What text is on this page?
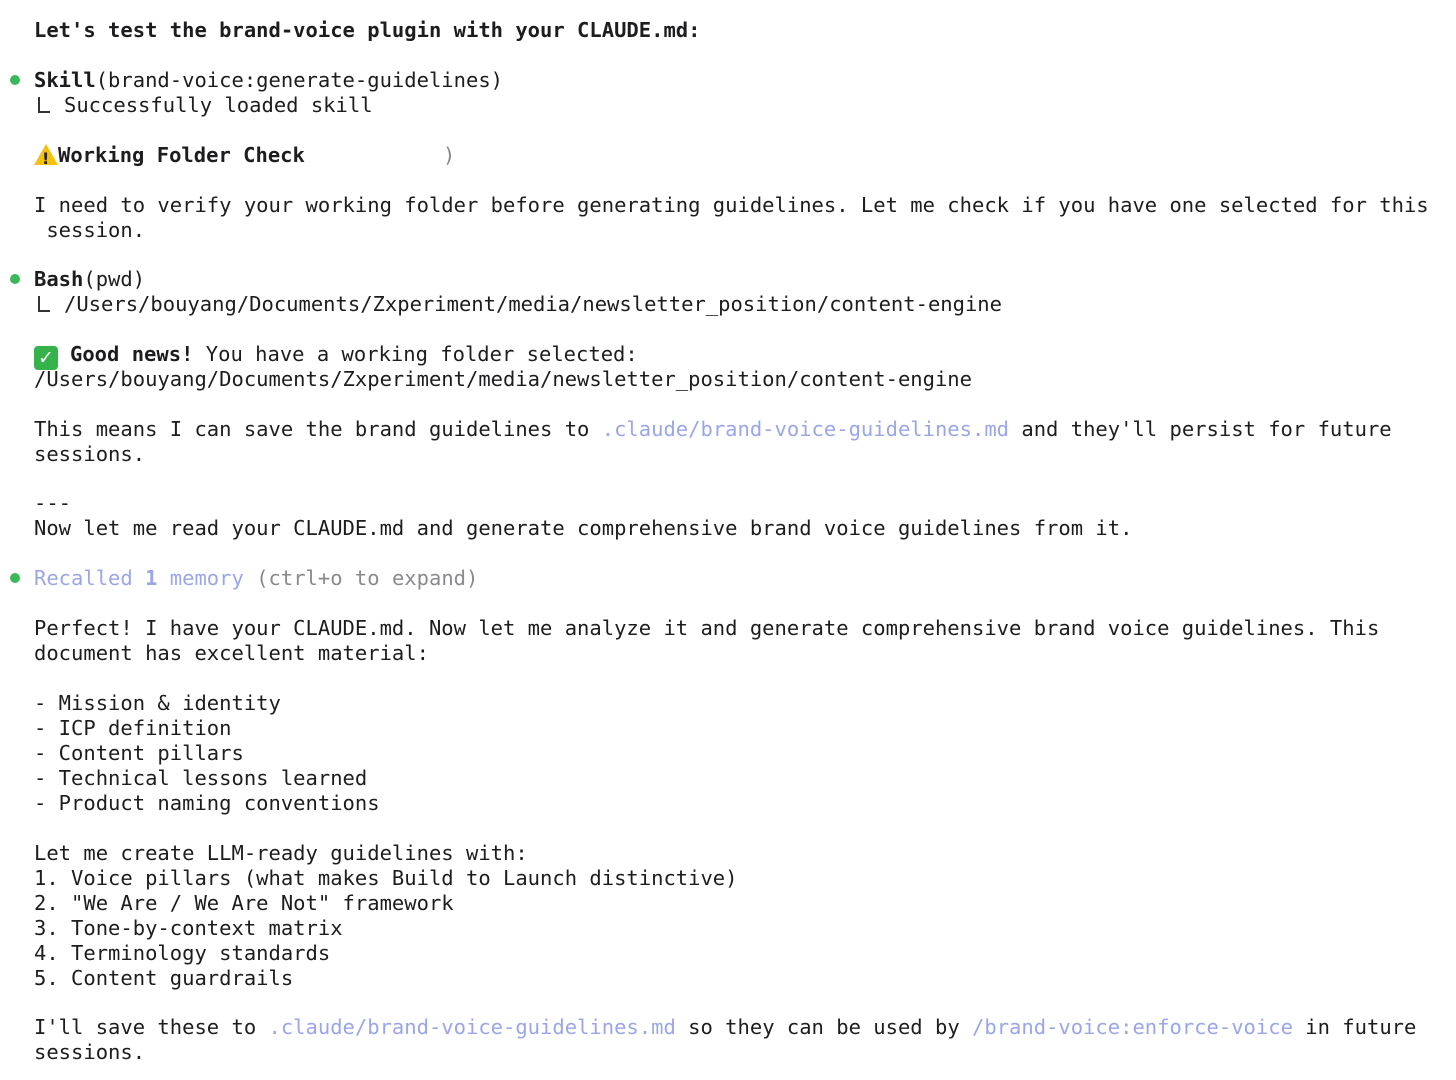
Let's test the brand-voice plugin with your CLAUDE.md:
Skill(brand-voice:generate-guidelines)
Successfully loaded skill
!Working Folder Check	)
I need to verify your working folder before generating guidelines. Let me check if you have one selected for this
session.
Bash(pwd)
/Users/bouyang/Documents/Zxperiment/media/newsletter_position/content-engine
✓ Good news! You have a working folder selected:
/Users/bouyang/Documents/Zxperiment/media/newsletter_position/content-engine
This means I can save the brand guidelines to .claude/brand-voice-guidelines.md and they'll persist for future
sessions.
---
Now let me read your CLAUDE.md and generate comprehensive brand voice guidelines from it.
Recalled 1 memory (ctrl+o to expand)
Perfect! I have your CLAUDE.md. Now let me analyze it and generate comprehensive brand voice guidelines. This
document has excellent material:
- Mission & identity
- ICP definition
- Content pillars
- Technical lessons learned
- Product naming conventions
Let me create LLM-ready guidelines with:
1. Voice pillars (what makes Build to Launch distinctive)
2. "We Are / We Are Not" framework
3. Tone-by-context matrix
4. Terminology standards
5. Content guardrails
I'll save these to .claude/brand-voice-guidelines.md so they can be used by /brand-voice:enforce-voice in future
sessions.
